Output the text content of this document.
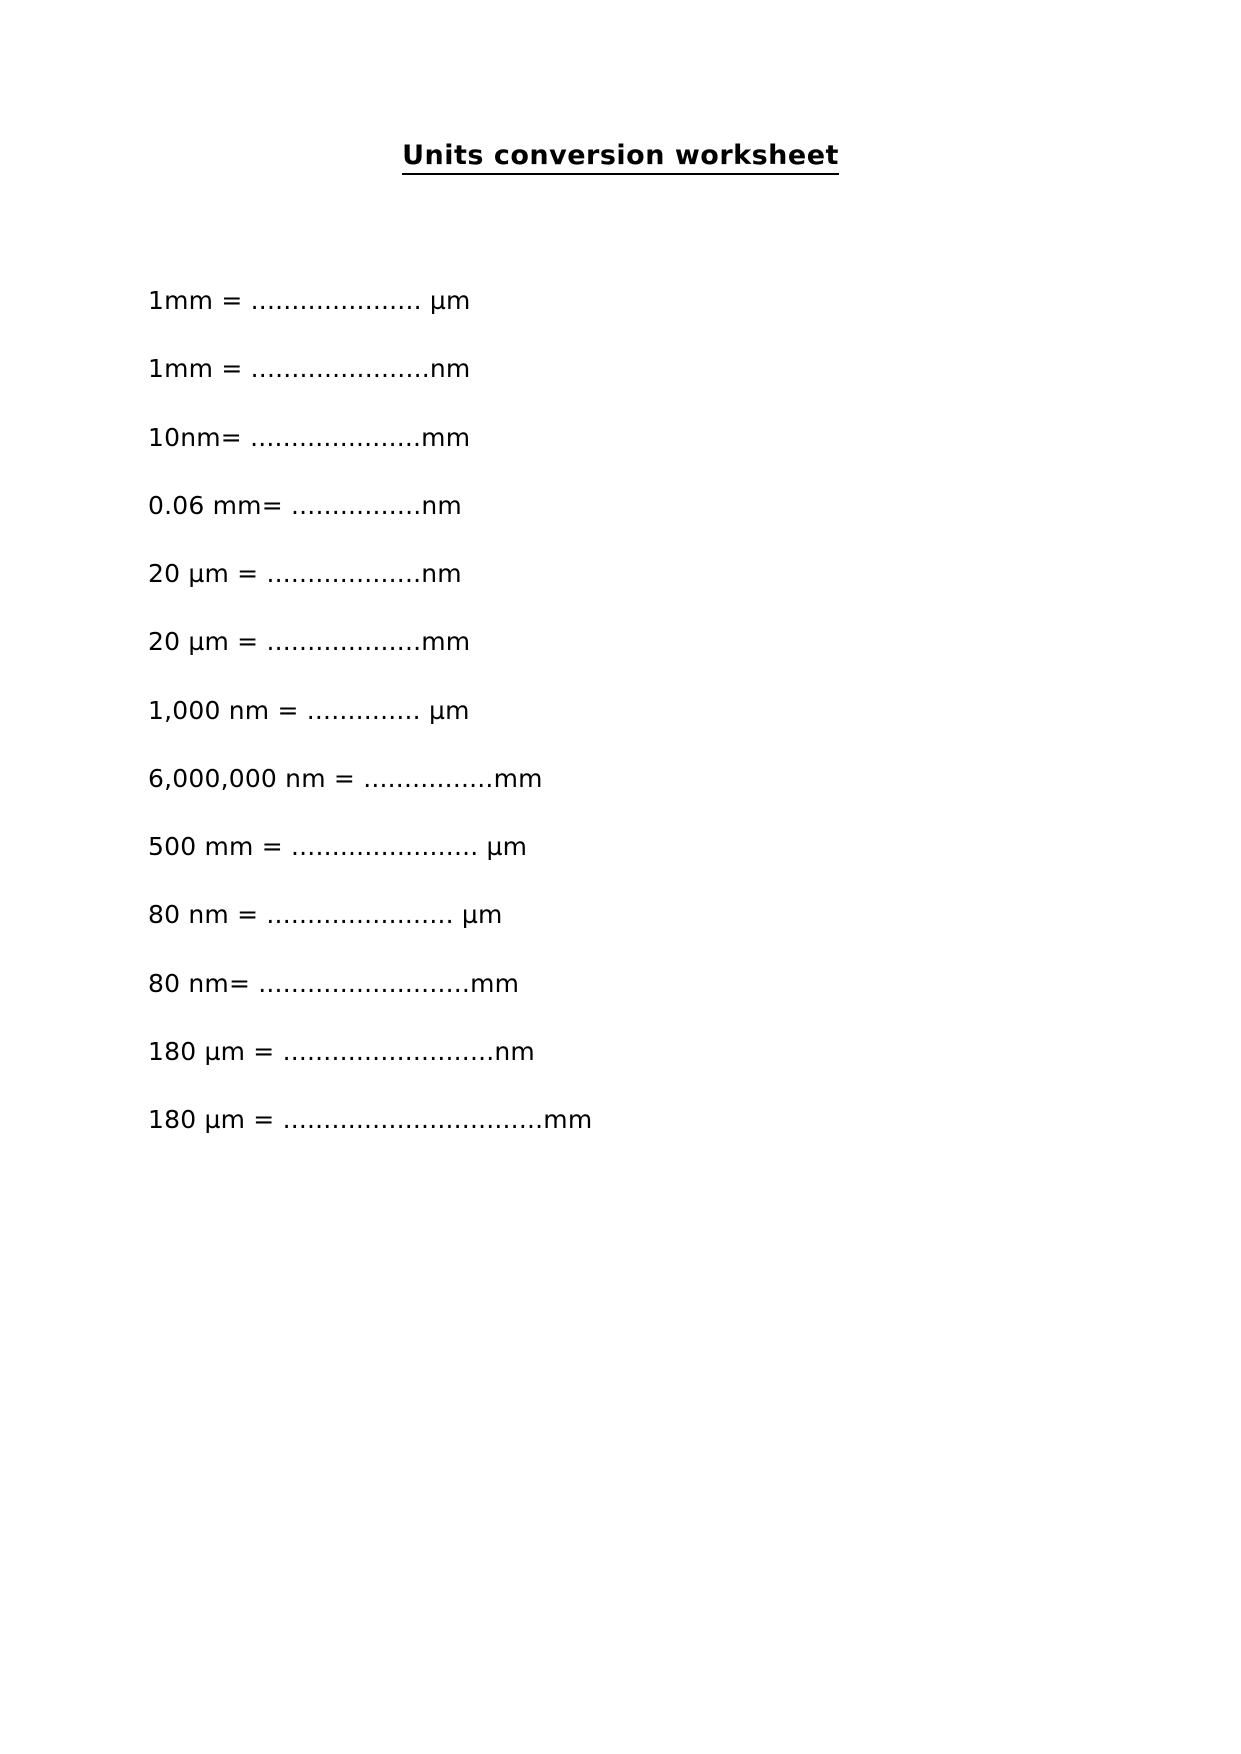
Units conversion worksheet
1mm = ..................... µm
1mm = ......................nm
10nm= .....................mm
0.06 mm= ................nm
20 µm = ...................nm
20 µm = ...................mm
1,000 nm = .............. µm
6,000,000 nm = ................mm
500 mm = ....................... µm
80 nm = ....................... µm
80 nm= ..........................mm
180 µm = ..........................nm
180 µm = ................................mm
